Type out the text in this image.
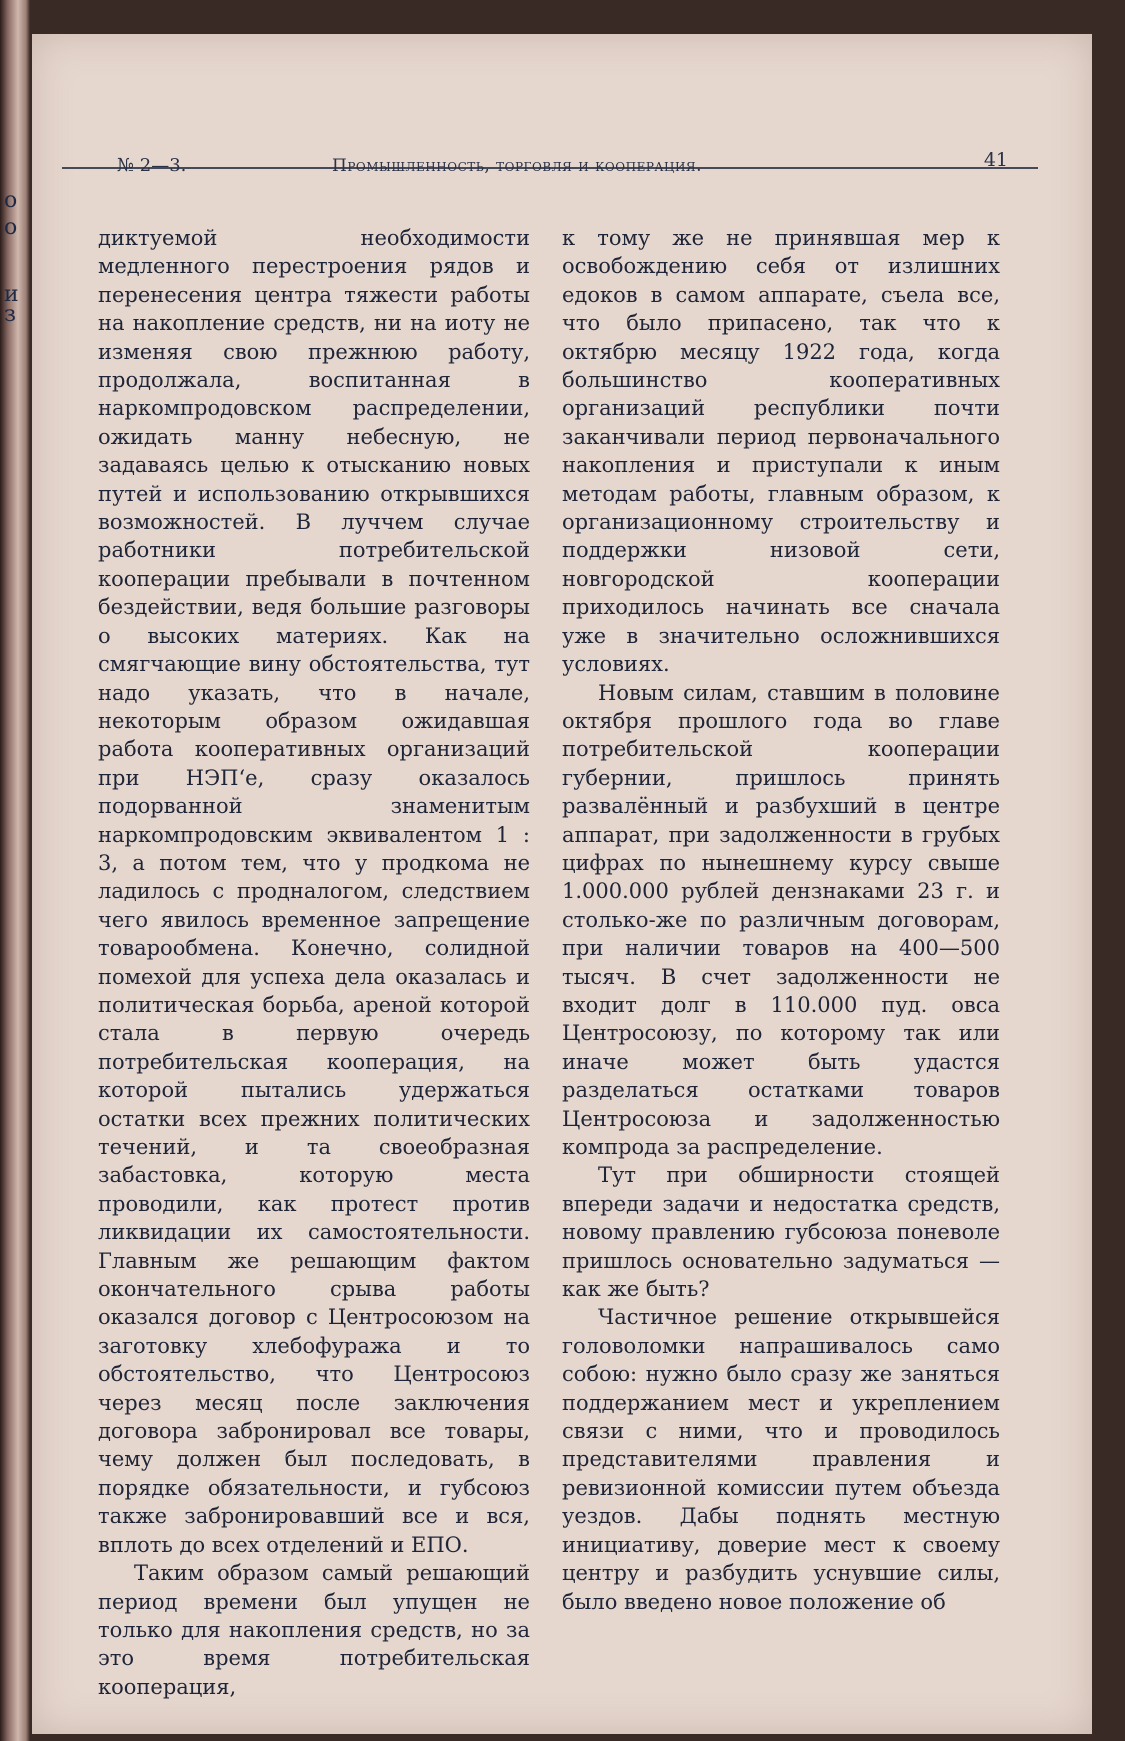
о
о
и
з
№ 2—3.	Промышленность, торговля и кооперация.	41

диктуемой необходимости медленного перестроения рядов и перенесения центра тяжести работы на накопление средств, ни на иоту не изменяя свою прежнюю работу, продолжала, воспитанная в наркомпродовском распределении, ожидать манну небесную, не задаваясь целью к отысканию новых путей и использованию открывшихся возможностей. В луччем случае работники потребительской кооперации пребывали в почтенном бездействии, ведя большие разговоры о высоких материях. Как на смягчающие вину обстоятельства, тут надо указать, что в начале, некоторым образом ожидавшая работа кооперативных организаций при НЭП‘е, сразу оказалось подорванной знаменитым наркомпродовским эквивалентом 1 : 3, а потом тем, что у продкома не ладилось с продналогом, следствием чего явилось временное запрещение товарообмена. Конечно, солидной помехой для успеха дела оказалась и политическая борьба, ареной которой стала в первую очередь потребительская кооперация, на которой пытались удержаться остатки всех прежних политических течений, и та своеобразная забастовка, которую места проводили, как протест против ликвидации их самостоятельности. Главным же решающим фактом окончательного срыва работы оказался договор с Центросоюзом на заготовку хлебофуража и то обстоятельство, что Центросоюз через месяц после заключения договора забронировал все товары, чему должен был последовать, в порядке обязательности, и губсоюз также забронировавший все и вся, вплоть до всех отделений и ЕПО.

Таким образом самый решающий период времени был упущен не только для накопления средств, но за это время потребительская кооперация,

к тому же не принявшая мер к освобождению себя от излишних едоков в самом аппарате, съела все, что было припасено, так что к октябрю месяцу 1922 года, когда большинство кооперативных организаций республики почти заканчивали период первоначального накопления и приступали к иным методам работы, главным образом, к организационному строительству и поддержки низовой сети, новгородской кооперации приходилось начинать все сначала уже в значительно осложнившихся условиях.

Новым силам, ставшим в половине октября прошлого года во главе потребительской кооперации губернии, пришлось принять развалённый и разбухший в центре аппарат, при задолженности в грубых цифрах по нынешнему курсу свыше 1.000.000 рублей дензнаками 23 г. и столько-же по различным договорам, при наличии товаров на 400—500 тысяч. В счет задолженности не входит долг в 110.000 пуд. овса Центросоюзу, по которому так или иначе может быть удастся разделаться остатками товаров Центросоюза и задолженностью компрода за распределение.

Тут при обширности стоящей впереди задачи и недостатка средств, новому правлению губсоюза поневоле пришлось основательно задуматься — как же быть?

Частичное решение открывшейся головоломки напрашивалось само собою: нужно было сразу же заняться поддержанием мест и укреплением связи с ними, что и проводилось представителями правления и ревизионной комиссии путем объезда уездов. Дабы поднять местную инициативу, доверие мест к своему центру и разбудить уснувшие силы, было введено новое положение об
